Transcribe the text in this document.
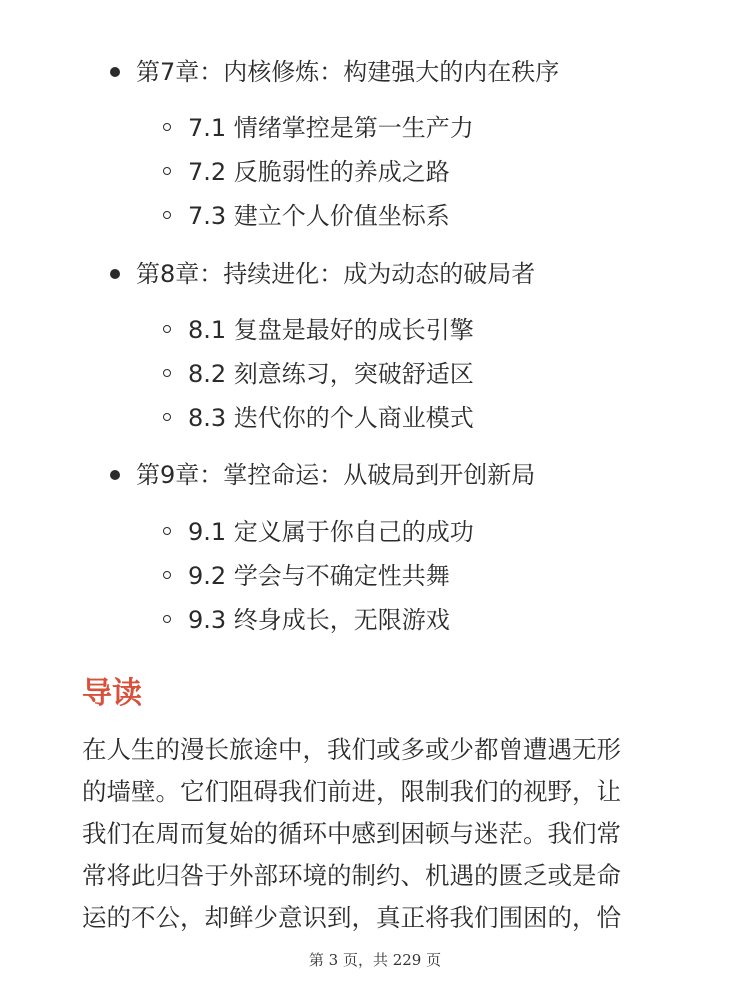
第7章：内核修炼：构建强大的内在秩序
7.1 情绪掌控是第一生产力
7.2 反脆弱性的养成之路
7.3 建立个人价值坐标系
第8章：持续进化：成为动态的破局者
8.1 复盘是最好的成长引擎
8.2 刻意练习，突破舒适区
8.3 迭代你的个人商业模式
第9章：掌控命运：从破局到开创新局
9.1 定义属于你自己的成功
9.2 学会与不确定性共舞
9.3 终身成长，无限游戏
导读
在人生的漫长旅途中，我们或多或少都曾遭遇无形
的墙壁。它们阻碍我们前进，限制我们的视野，让
我们在周而复始的循环中感到困顿与迷茫。我们常
常将此归咎于外部环境的制约、机遇的匮乏或是命
运的不公，却鲜少意识到，真正将我们围困的，恰
第 3 页，共 229 页
